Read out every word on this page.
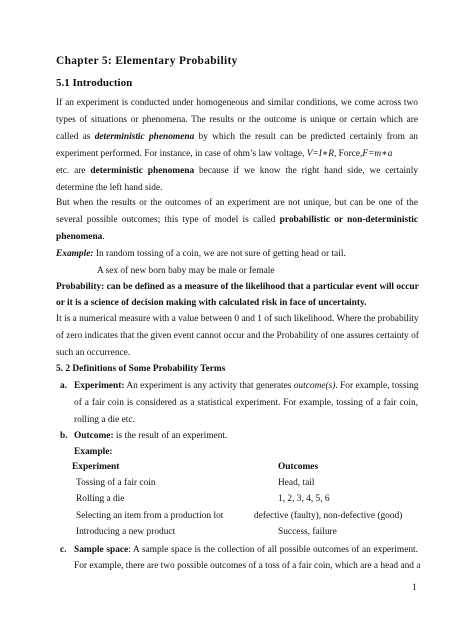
Chapter 5: Elementary Probability
5.1 Introduction
If an experiment is conducted under homogeneous and similar conditions, we come across two
types of situations or phenomena. The results or the outcome is unique or certain which are
called as deterministic phenomena by which the result can be predicted certainly from an
experiment performed. For instance, in case of ohm’s law voltage, V=I∗R, Force,F=m∗a
etc. are deterministic phenomena because if we know the right hand side, we certainly
determine the left hand side.
But when the results or the outcomes of an experiment are not unique, but can be one of the
several possible outcomes; this type of model is called probabilistic or non-deterministic
phenomena.
Example: In random tossing of a coin, we are not sure of getting head or tail.
A sex of new born baby may be male or female
Probability: can be defined as a measure of the likelihood that a particular event will occur
or it is a science of decision making with calculated risk in face of uncertainty.
It is a numerical measure with a value between 0 and 1 of such likelihood. Where the probability
of zero indicates that the given event cannot occur and the Probability of one assures certainty of
such an occurrence.
5. 2 Definitions of Some Probability Terms
a. Experiment: An experiment is any activity that generates outcome(s). For example, tossing
of a fair coin is considered as a statistical experiment. For example, tossing of a fair coin,
rolling a die etc.
b. Outcome: is the result of an experiment.
Example:
Experiment	Outcomes
Tossing of a fair coin	Head, tail
Rolling a die	1, 2, 3, 4, 5, 6
Selecting an item from a production lot	defective (faulty), non-defective (good)
Introducing a new product	Success, failure
c. Sample space: A sample space is the collection of all possible outcomes of an experiment.
For example, there are two possible outcomes of a toss of a fair coin, which are a head and a
1
